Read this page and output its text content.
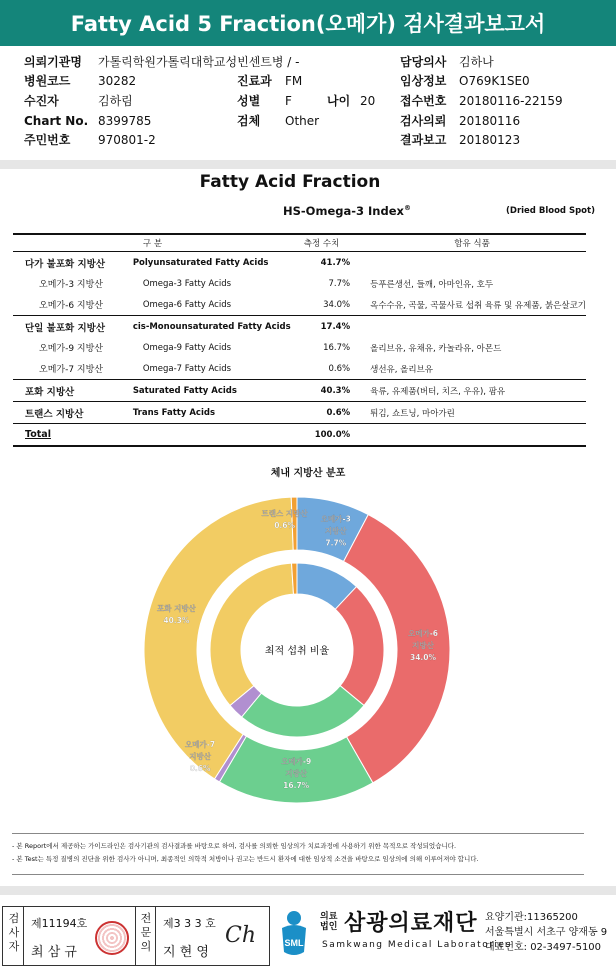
Fatty Acid 5 Fraction(오메가) 검사결과보고서
의뢰기관명 가톨릭학원가톨릭대학교성빈센트병 / -	담당의사 김하나
병원코드 30282	진료과 FM	임상정보 O769K1SE0
수진자	김하림	성별 F	나이 20 접수번호 20180116-22159
Chart No. 8399785	검체 Other	검사의뢰 20180116
주민번호 970801-2	결과보고 20180123
Fatty Acid Fraction
HS-Omega-3 Index®	(Dried Blood Spot)
구 분		측정 수치	함유 식품
다가 불포화 지방산	Polyunsaturated Fatty Acids	41.7%	
오메가-3 지방산	Omega-3 Fatty Acids	7.7%	등푸른생선, 들깨, 아마인유, 호두
오메가-6 지방산	Omega-6 Fatty Acids	34.0%	옥수수유, 곡물, 곡물사료 섭취 육류 및 유제품, 붉은살코기
단일 불포화 지방산	cis-Monounsaturated Fatty Acids	17.4%	
오메가-9 지방산	Omega-9 Fatty Acids	16.7%	올리브유, 유채유, 카놀라유, 아몬드
오메가-7 지방산	Omega-7 Fatty Acids	0.6%	생선유, 올리브유
포화 지방산	Saturated Fatty Acids	40.3%	육류, 유제품(버터, 치즈, 우유), 팜유
트랜스 지방산	Trans Fatty Acids	0.6%	튀김, 쇼트닝, 마아가린
Total		100.0%	
체내 지방산 분포
최적 섭취 비율
오메가-3
지방산
7.7%
오메가-6
지방산
34.0%
오메가-9
지방산
16.7%
오메가-7
지방산
0.6%
포화 지방산
40.3%
트랜스 지방산
0.6%
- 본 Report에서 제공하는 가이드라인은 검사기관의 검사결과를 바탕으로 하여, 검사를 의뢰한 임상의가 치료과정에 사용하기 위한 목적으로 작성되었습니다.
- 본 Test는 특정 질병의 진단을 위한 검사가 아니며, 최종적인 의학적 처방이나 권고는 반드시 환자에 대한 임상적 소견을 바탕으로 임상의에 의해 이루어져야 합니다.
검사자
제11194호
최 삼 규
전문의
제3 3 3 호
지 현 영
Ch	SML
의료
법인 삼광의료재단
Samkwang Medical Laboratories
요양기관:11365200
서울특별시 서초구 양재동 9
대표번호: 02-3497-5100
